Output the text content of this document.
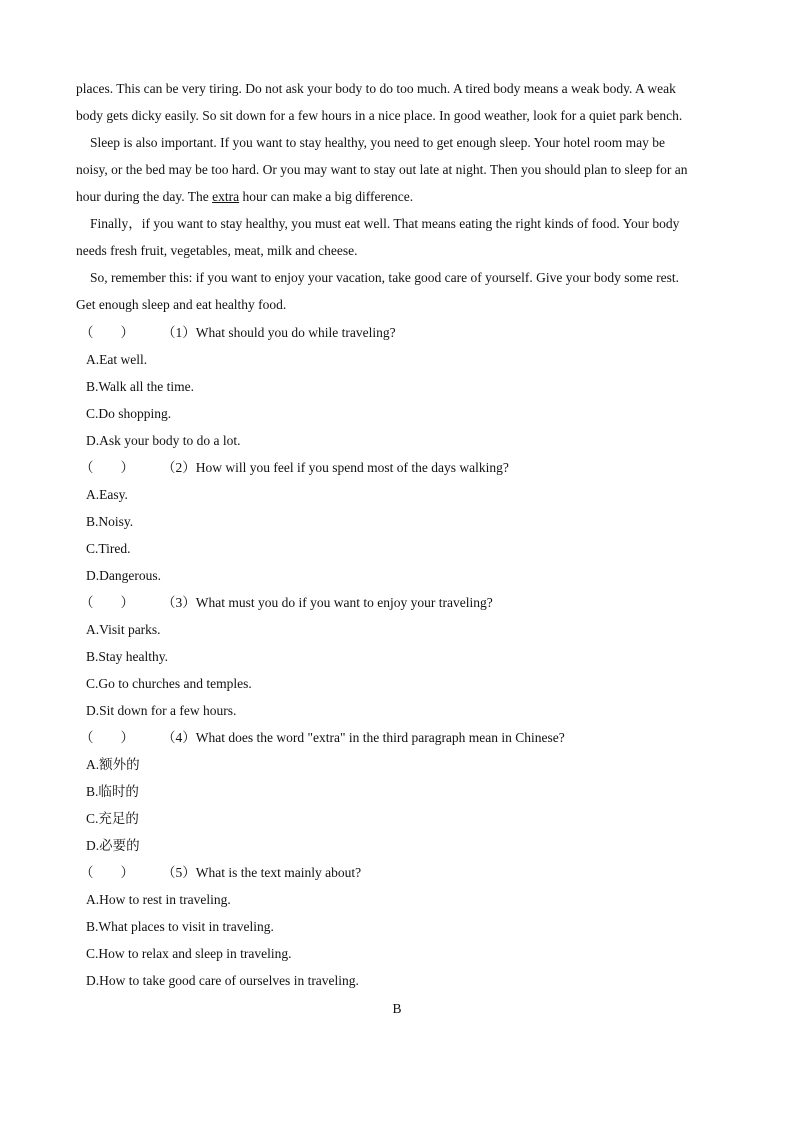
places. This can be very tiring. Do not ask your body to do too much. A tired body means a weak body. A weak
body gets dicky easily. So sit down for a few hours in a nice place. In good weather, look for a quiet park bench.
Sleep is also important. If you want to stay healthy, you need to get enough sleep. Your hotel room may be
noisy, or the bed may be too hard. Or you may want to stay out late at night. Then you should plan to sleep for an
hour during the day. The extra hour can make a big difference.
Finally，if you want to stay healthy, you must eat well. That means eating the right kinds of food. Your body
needs fresh fruit, vegetables, meat, milk and cheese.
So, remember this: if you want to enjoy your vacation, take good care of yourself. Give your body some rest.
Get enough sleep and eat healthy food.
（　　） （1）What should you do while traveling?
A.Eat well.
B.Walk all the time.
C.Do shopping.
D.Ask your body to do a lot.
（　　） （2）How will you feel if you spend most of the days walking?
A.Easy.
B.Noisy.
C.Tired.
D.Dangerous.
（　　） （3）What must you do if you want to enjoy your traveling?
A.Visit parks.
B.Stay healthy.
C.Go to churches and temples.
D.Sit down for a few hours.
（　　） （4）What does the word "extra" in the third paragraph mean in Chinese?
A.额外的
B.临时的
C.充足的
D.必要的
（　　） （5）What is the text mainly about?
A.How to rest in traveling.
B.What places to visit in traveling.
C.How to relax and sleep in traveling.
D.How to take good care of ourselves in traveling.
B
